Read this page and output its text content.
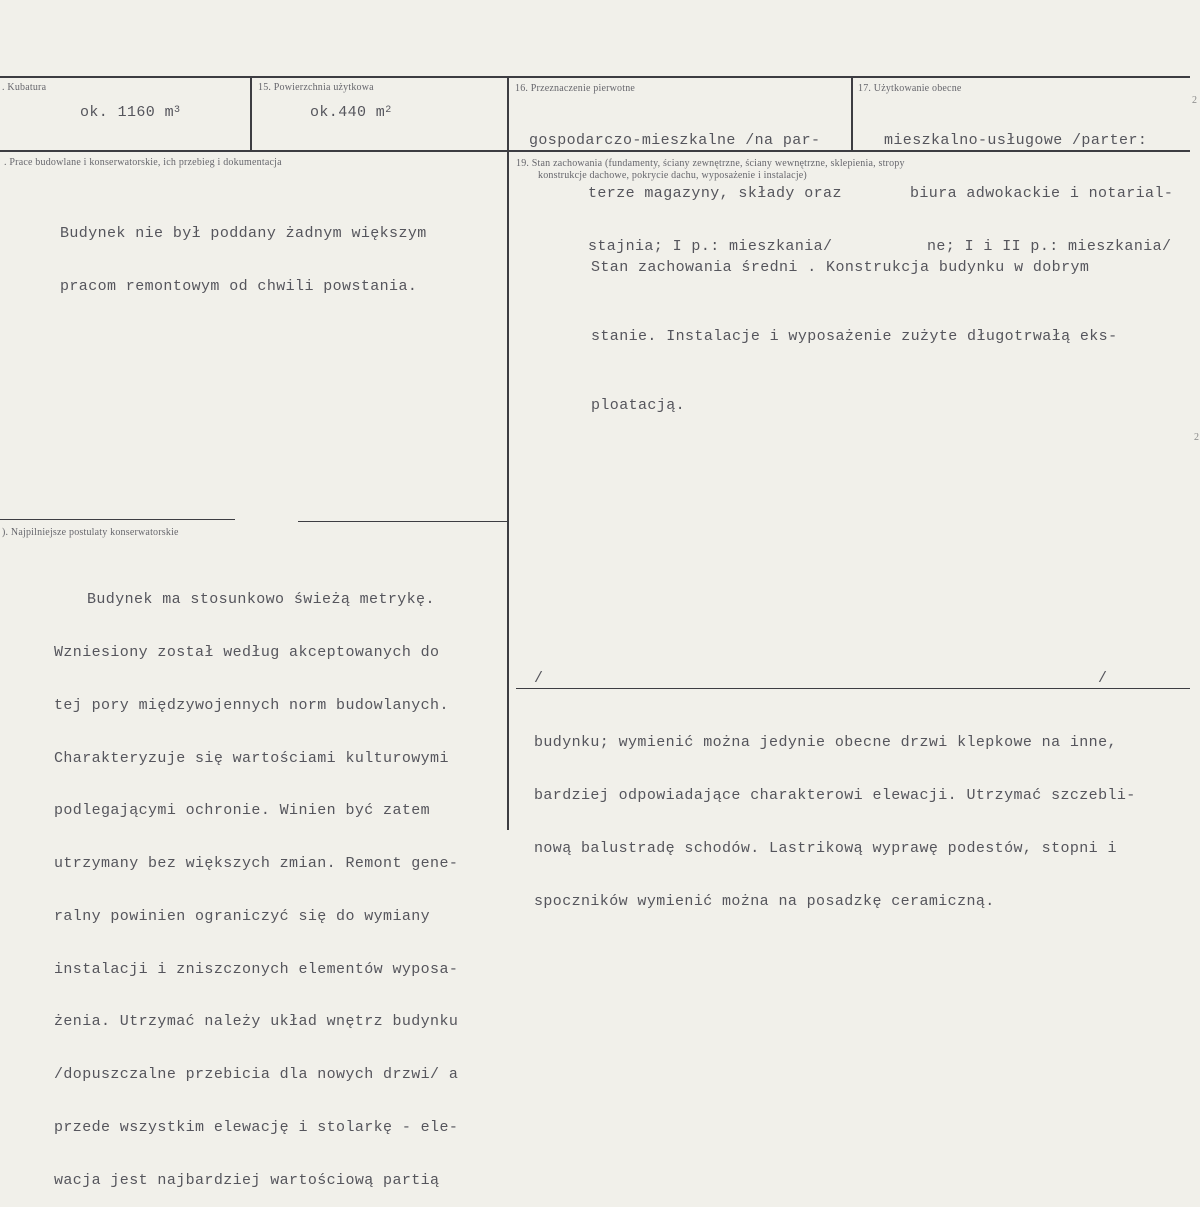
. Kubatura
ok. 1160 $m^3$
15. Powierzchnia użytkowa
ok.440 $m^2$
16. Przeznaczenie pierwotne

gospodarczo-mieszkalne /na par-

terze magazyny, składy oraz

stajnia; I p.: mieszkania/

17. Użytkowanie obecne

mieszkalno-usługowe /parter:

biura adwokackie i notarial-

ne; I i II p.: mieszkania/

2
. Prace budowlane i konserwatorskie, ich przebieg i dokumentacja

Budynek nie był poddany żadnym większym

pracom remontowym od chwili powstania.

19. Stan zachowania (fundamenty, ściany zewnętrzne, ściany wewnętrzne, sklepienia, stropy
konstrukcje dachowe, pokrycie dachu, wyposażenie i instalacje)

Stan zachowania średni . Konstrukcja budynku w dobrym

stanie. Instalacje i wyposażenie zużyte długotrwałą eks-

ploatacją.

2
). Najpilniejsze postulaty konserwatorskie

Budynek ma stosunkowo świeżą metrykę.

Wzniesiony został według akceptowanych do

tej pory międzywojennych norm budowlanych.

Charakteryzuje się wartościami kulturowymi

podlegającymi ochronie. Winien być zatem

utrzymany bez większych zmian. Remont gene-

ralny powinien ograniczyć się do wymiany

instalacji i zniszczonych elementów wyposa-

żenia. Utrzymać należy układ wnętrz budynku

/dopuszczalne przebicia dla nowych drzwi/ a

przede wszystkim elewację i stolarkę - ele-

wacja jest najbardziej wartościową partią

/	/

budynku; wymienić można jedynie obecne drzwi klepkowe na inne,

bardziej odpowiadające charakterowi elewacji. Utrzymać szczebli-

nową balustradę schodów. Lastrikową wyprawę podestów, stopni i

spoczników wymienić można na posadzkę ceramiczną.
